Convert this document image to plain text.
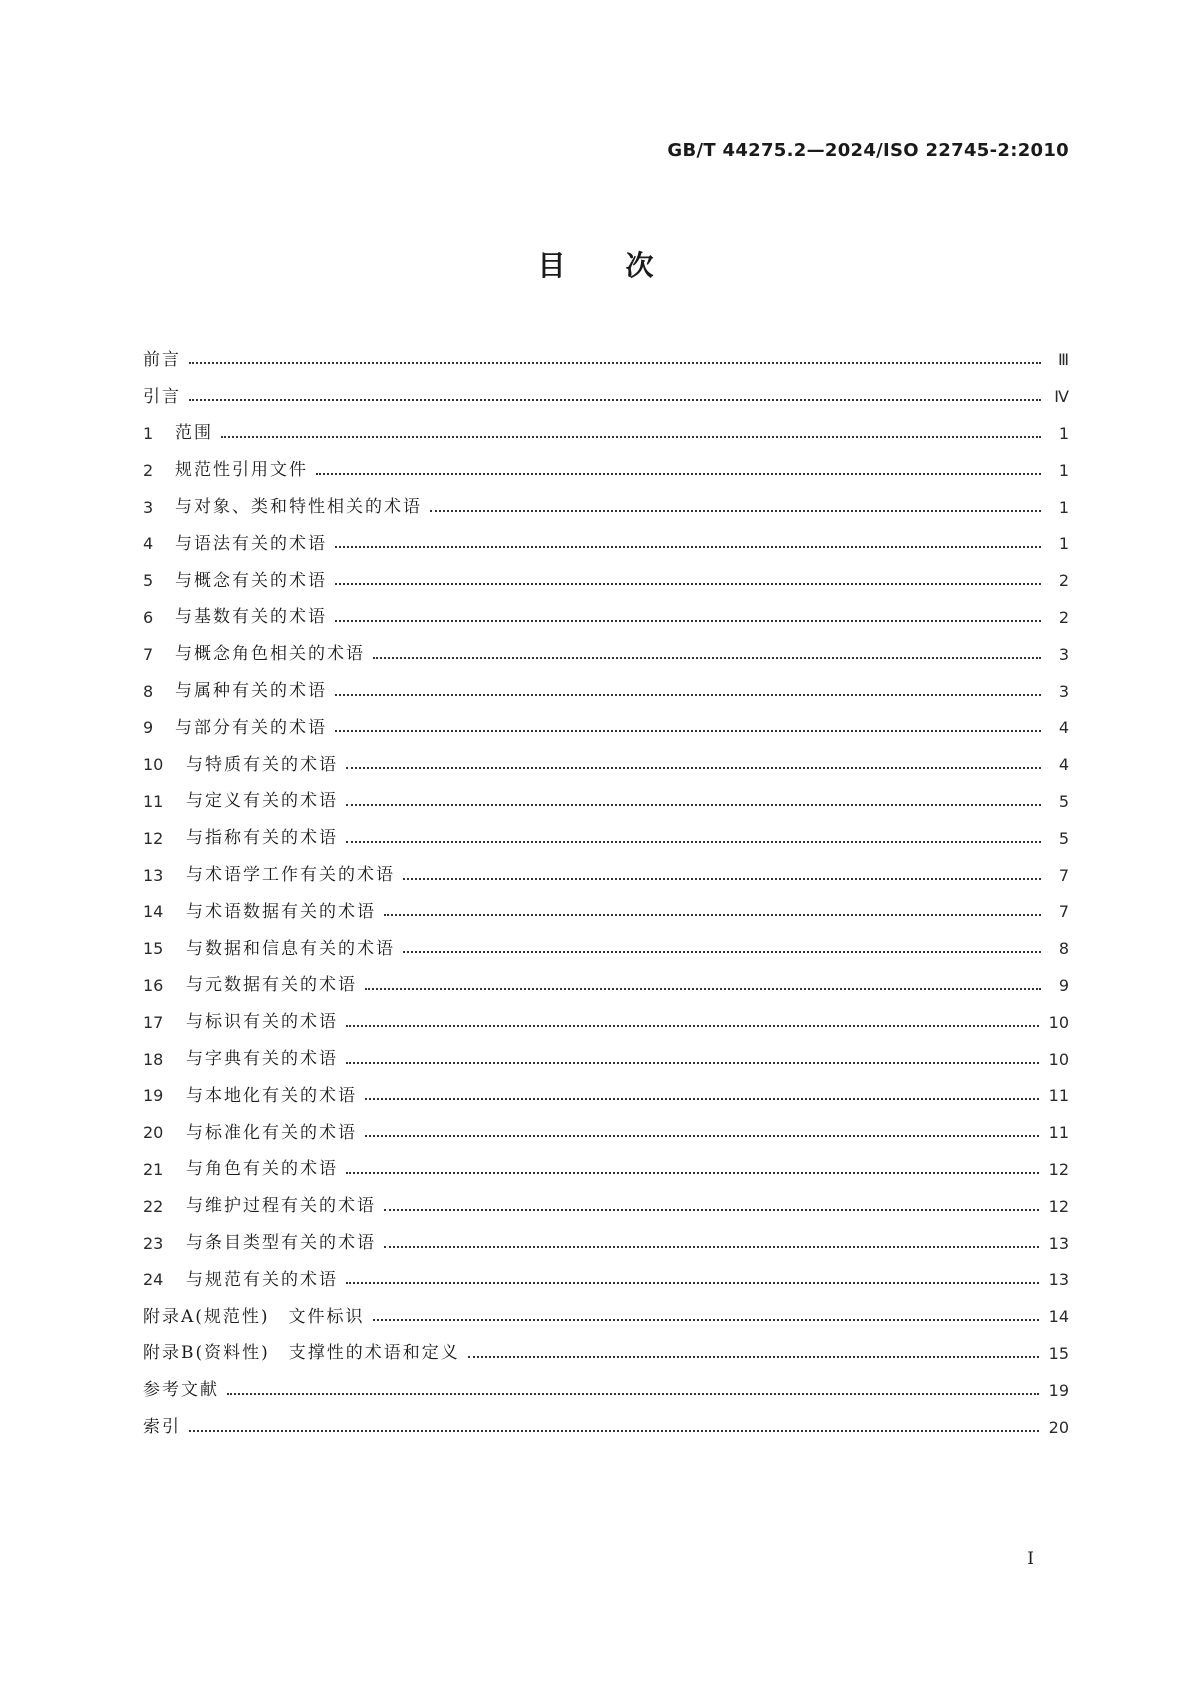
GB/T 44275.2—2024/ISO 22745-2:2010
目次
前言	Ⅲ
引言	Ⅳ
1	范围	1
2	规范性引用文件	1
3	与对象、类和特性相关的术语	1
4	与语法有关的术语	1
5	与概念有关的术语	2
6	与基数有关的术语	2
7	与概念角色相关的术语	3
8	与属种有关的术语	3
9	与部分有关的术语	4
10	与特质有关的术语	4
11	与定义有关的术语	5
12	与指称有关的术语	5
13	与术语学工作有关的术语	7
14	与术语数据有关的术语	7
15	与数据和信息有关的术语	8
16	与元数据有关的术语	9
17	与标识有关的术语	10
18	与字典有关的术语	10
19	与本地化有关的术语	11
20	与标准化有关的术语	11
21	与角色有关的术语	12
22	与维护过程有关的术语	12
23	与条目类型有关的术语	13
24	与规范有关的术语	13
附录A(规范性)　文件标识	14
附录B(资料性)　支撑性的术语和定义	15
参考文献	19
索引	20
I
